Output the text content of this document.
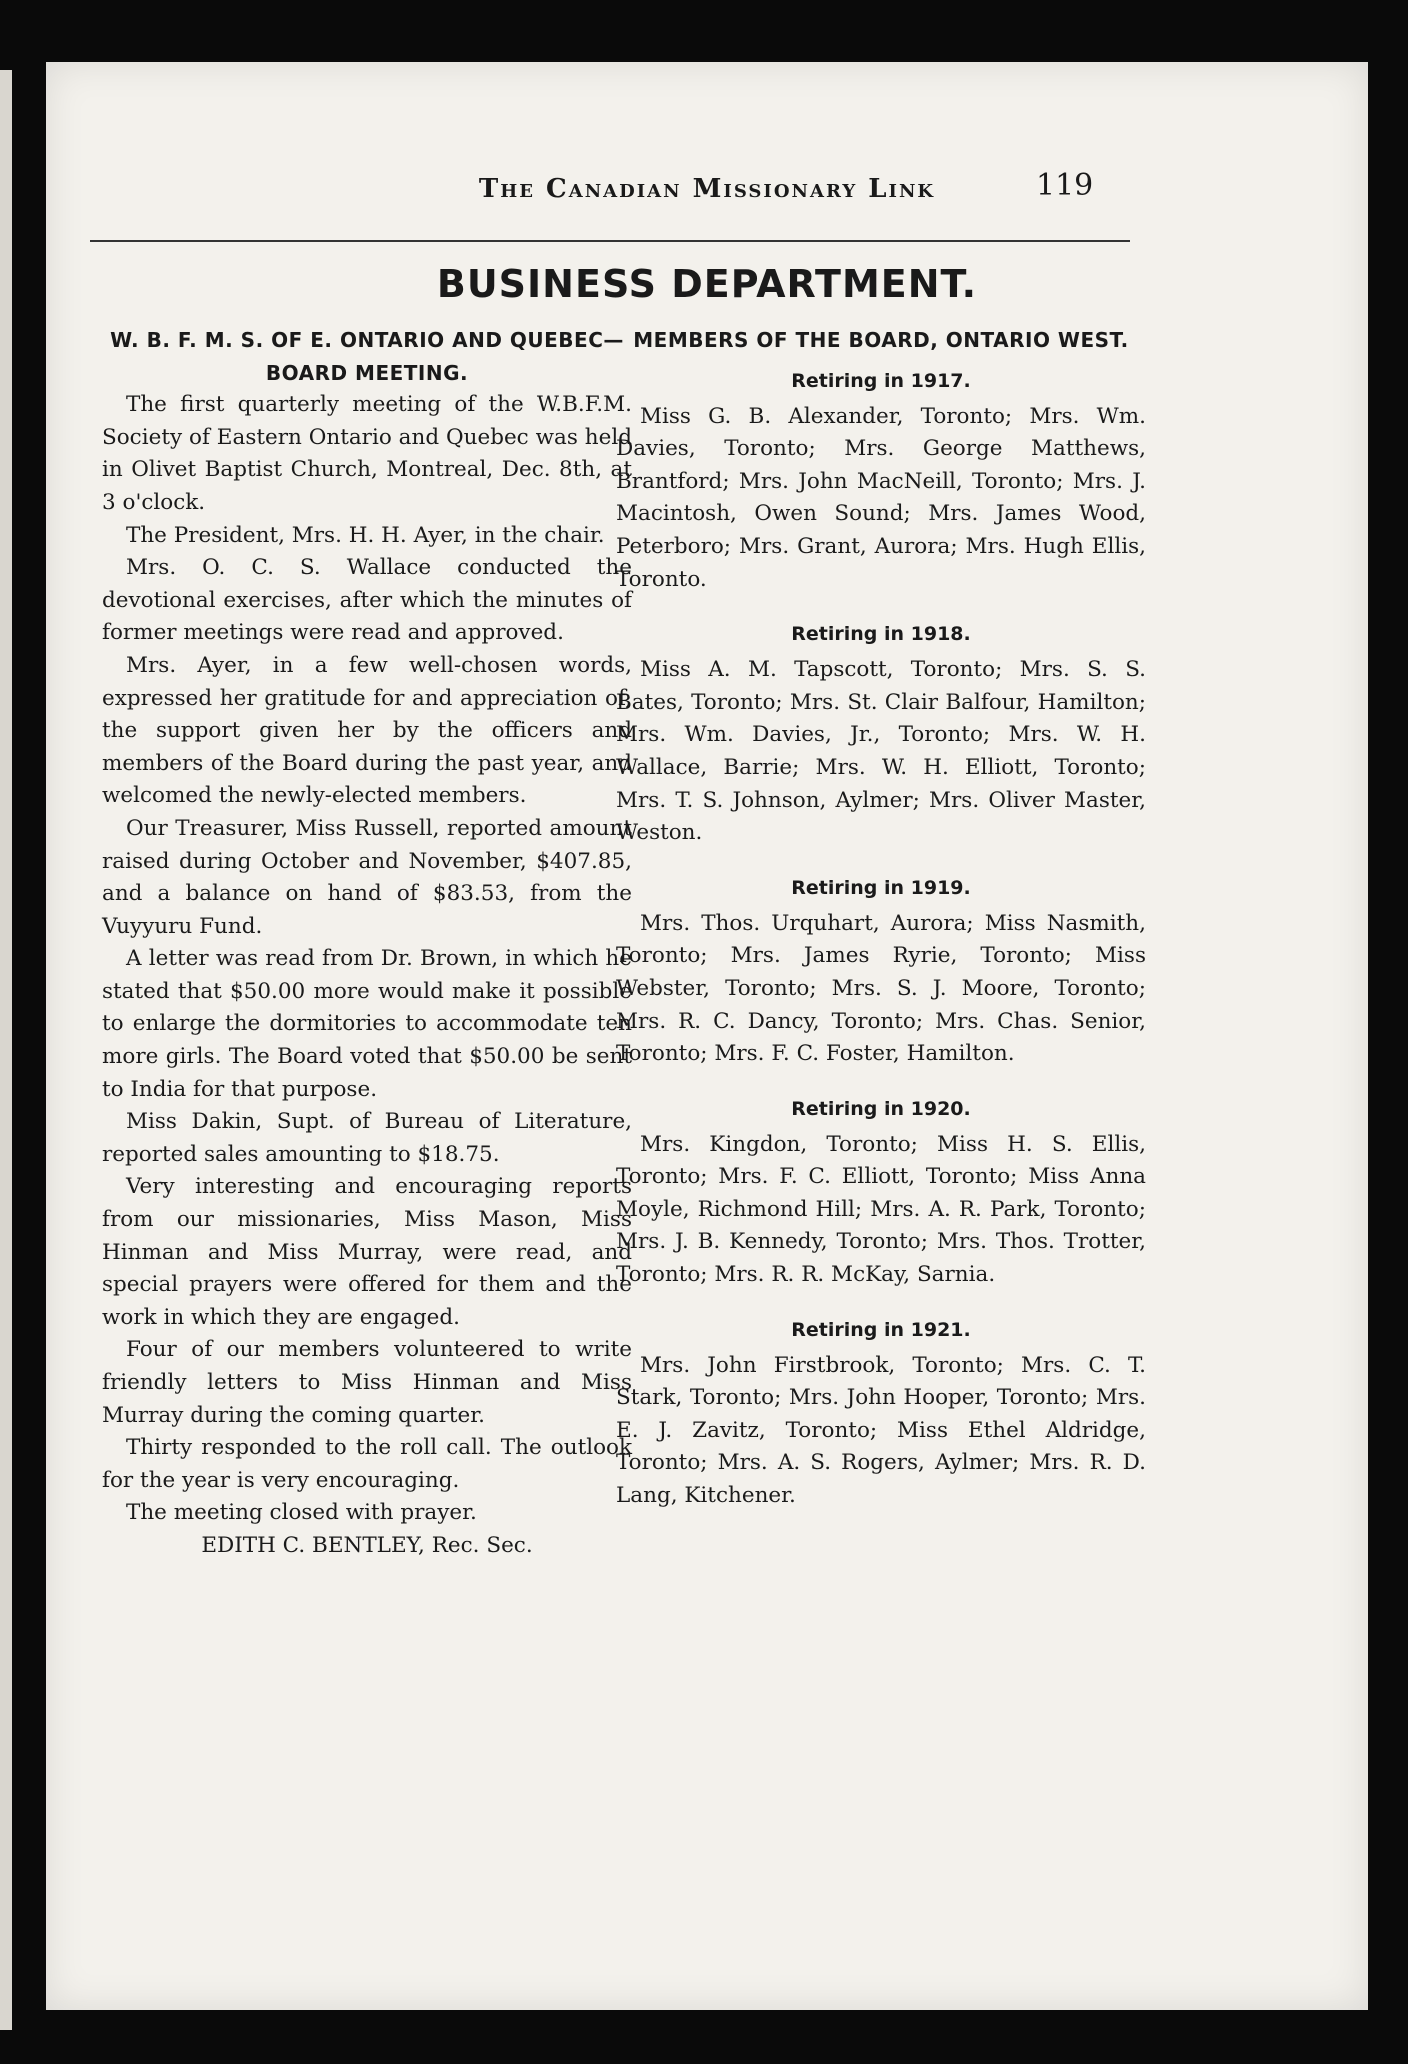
The Canadian Missionary Link	119
BUSINESS DEPARTMENT.
W. B. F. M. S. OF E. ONTARIO AND QUEBEC—BOARD MEETING.

The first quarterly meeting of the W.B.F.M. Society of Eastern Ontario and Quebec was held in Olivet Baptist Church, Montreal, Dec. 8th, at 3 o'clock.

The President, Mrs. H. H. Ayer, in the chair.

Mrs. O. C. S. Wallace conducted the devotional exercises, after which the minutes of former meetings were read and approved.

Mrs. Ayer, in a few well-chosen words, expressed her gratitude for and appreciation of, the support given her by the officers and members of the Board during the past year, and welcomed the newly-elected members.

Our Treasurer, Miss Russell, reported amount raised during October and November, $407.85, and a balance on hand of $83.53, from the Vuyyuru Fund.

A letter was read from Dr. Brown, in which he stated that $50.00 more would make it possible to enlarge the dormitories to accommodate ten more girls. The Board voted that $50.00 be sent to India for that purpose.

Miss Dakin, Supt. of Bureau of Literature, reported sales amounting to $18.75.

Very interesting and encouraging reports from our missionaries, Miss Mason, Miss Hinman and Miss Murray, were read, and special prayers were offered for them and the work in which they are engaged.

Four of our members volunteered to write friendly letters to Miss Hinman and Miss Murray during the coming quarter.

Thirty responded to the roll call. The outlook for the year is very encouraging.

The meeting closed with prayer.

EDITH C. BENTLEY, Rec. Sec.

MEMBERS OF THE BOARD, ONTARIO WEST.
Retiring in 1917.

Miss G. B. Alexander, Toronto; Mrs. Wm. Davies, Toronto; Mrs. George Matthews, Brantford; Mrs. John MacNeill, Toronto; Mrs. J. Macintosh, Owen Sound; Mrs. James Wood, Peterboro; Mrs. Grant, Aurora; Mrs. Hugh Ellis, Toronto.

Retiring in 1918.

Miss A. M. Tapscott, Toronto; Mrs. S. S. Bates, Toronto; Mrs. St. Clair Balfour, Hamilton; Mrs. Wm. Davies, Jr., Toronto; Mrs. W. H. Wallace, Barrie; Mrs. W. H. Elliott, Toronto; Mrs. T. S. Johnson, Aylmer; Mrs. Oliver Master, Weston.

Retiring in 1919.

Mrs. Thos. Urquhart, Aurora; Miss Nasmith, Toronto; Mrs. James Ryrie, Toronto; Miss Webster, Toronto; Mrs. S. J. Moore, Toronto; Mrs. R. C. Dancy, Toronto; Mrs. Chas. Senior, Toronto; Mrs. F. C. Foster, Hamilton.

Retiring in 1920.

Mrs. Kingdon, Toronto; Miss H. S. Ellis, Toronto; Mrs. F. C. Elliott, Toronto; Miss Anna Moyle, Richmond Hill; Mrs. A. R. Park, Toronto; Mrs. J. B. Kennedy, Toronto; Mrs. Thos. Trotter, Toronto; Mrs. R. R. McKay, Sarnia.

Retiring in 1921.

Mrs. John Firstbrook, Toronto; Mrs. C. T. Stark, Toronto; Mrs. John Hooper, Toronto; Mrs. E. J. Zavitz, Toronto; Miss Ethel Aldridge, Toronto; Mrs. A. S. Rogers, Aylmer; Mrs. R. D. Lang, Kitchener.
